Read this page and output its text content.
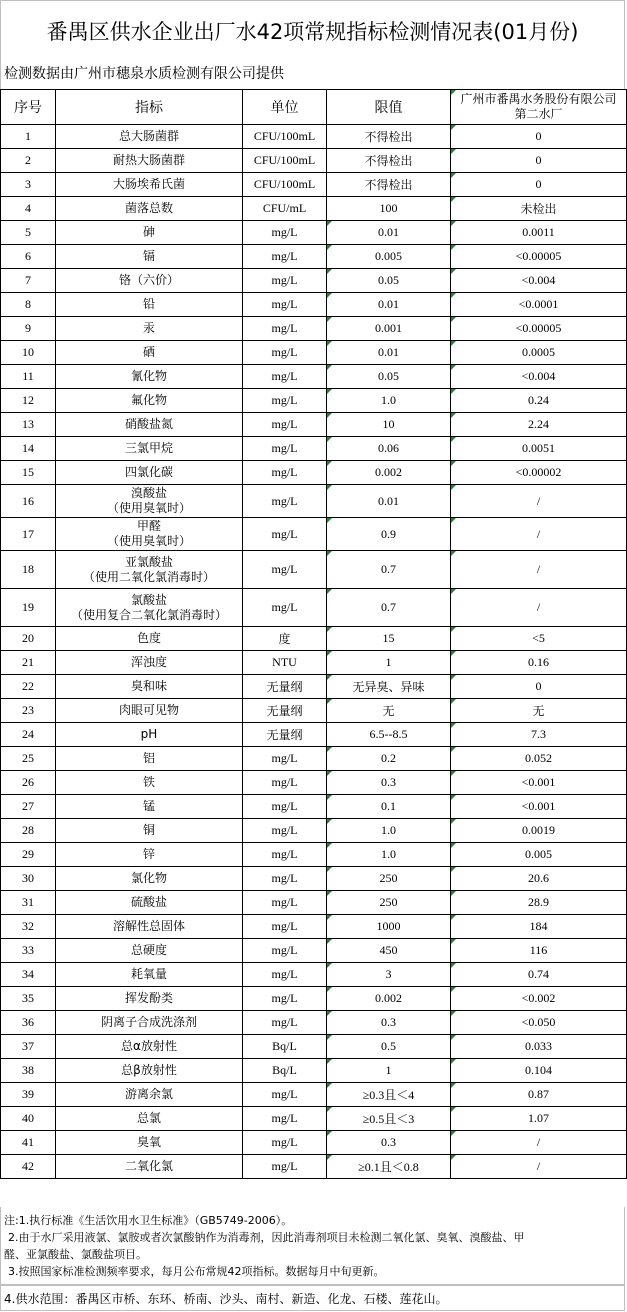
番禺区供水企业出厂水42项常规指标检测情况表(01月份)
检测数据由广州市穗泉水质检测有限公司提供
序号	指标	单位	限值	广州市番禺水务股份有限公司
第二水厂
1	总大肠菌群	CFU/100mL	不得检出	0
2	耐热大肠菌群	CFU/100mL	不得检出	0
3	大肠埃希氏菌	CFU/100mL	不得检出	0
4	菌落总数	CFU/mL	100	未检出
5	砷	mg/L	0.01	0.0011
6	镉	mg/L	0.005	<0.00005
7	铬（六价）	mg/L	0.05	<0.004
8	铅	mg/L	0.01	<0.0001
9	汞	mg/L	0.001	<0.00005
10	硒	mg/L	0.01	0.0005
11	氰化物	mg/L	0.05	<0.004
12	氟化物	mg/L	1.0	0.24
13	硝酸盐氮	mg/L	10	2.24
14	三氯甲烷	mg/L	0.06	0.0051
15	四氯化碳	mg/L	0.002	<0.00002
16	溴酸盐
（使用臭氧时）	mg/L	0.01	/
17	甲醛
（使用臭氧时）	mg/L	0.9	/
18	亚氯酸盐
（使用二氧化氯消毒时）	mg/L	0.7	/
19	氯酸盐
（使用复合二氧化氯消毒时）	mg/L	0.7	/
20	色度	度	15	<5
21	浑浊度	NTU	1	0.16
22	臭和味	无量纲	无异臭、异味	0
23	肉眼可见物	无量纲	无	无
24	pH	无量纲	6.5--8.5	7.3
25	铝	mg/L	0.2	0.052
26	铁	mg/L	0.3	<0.001
27	锰	mg/L	0.1	<0.001
28	铜	mg/L	1.0	0.0019
29	锌	mg/L	1.0	0.005
30	氯化物	mg/L	250	20.6
31	硫酸盐	mg/L	250	28.9
32	溶解性总固体	mg/L	1000	184
33	总硬度	mg/L	450	116
34	耗氧量	mg/L	3	0.74
35	挥发酚类	mg/L	0.002	<0.002
36	阴离子合成洗涤剂	mg/L	0.3	<0.050
37	总α放射性	Bq/L	0.5	0.033
38	总β放射性	Bq/L	1	0.104
39	游离余氯	mg/L	≥0.3且＜4	0.87
40	总氯	mg/L	≥0.5且＜3	1.07
41	臭氧	mg/L	0.3	/
42	二氧化氯	mg/L	≥0.1且＜0.8	/
注:1.执行标准《生活饮用水卫生标准》（GB5749-2006）。
2.由于水厂采用液氯、氯胺或者次氯酸钠作为消毒剂，因此消毒剂项目未检测二氧化氯、臭氧、溴酸盐、甲
醛、亚氯酸盐、氯酸盐项目。
3.按照国家标准检测频率要求，每月公布常规42项指标。数据每月中旬更新。
4.供水范围：番禺区市桥、东环、桥南、沙头、南村、新造、化龙、石楼、莲花山。
